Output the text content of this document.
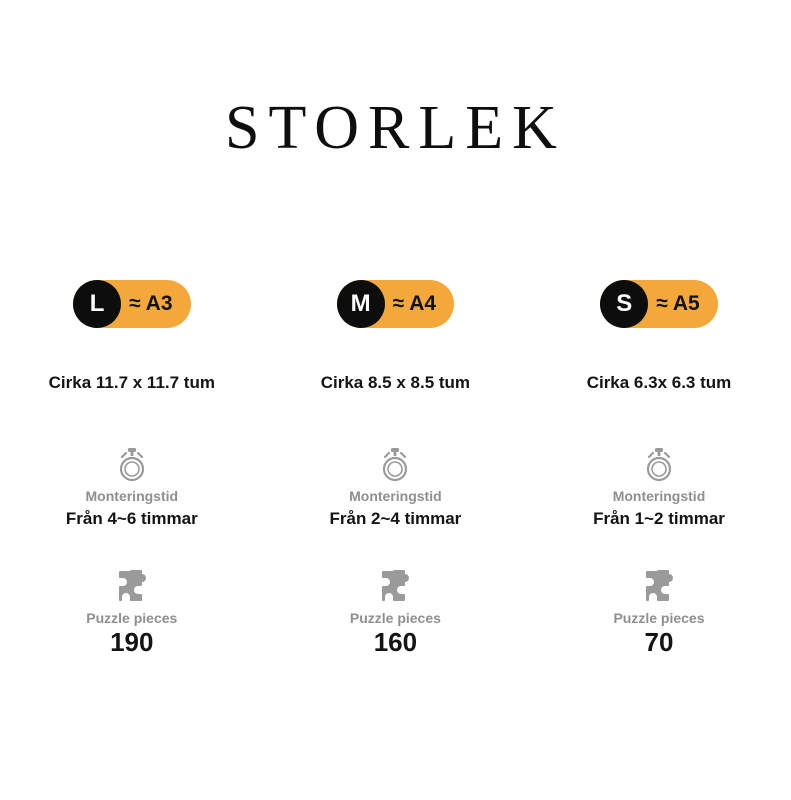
STORLEK
L	≈ A3
Cirka 11.7 x 11.7 tum
Monteringstid
Från 4~6 timmar
Puzzle pieces
190
M	≈ A4
Cirka 8.5 x 8.5 tum
Monteringstid
Från 2~4 timmar
Puzzle pieces
160
S	≈ A5
Cirka 6.3x 6.3 tum
Monteringstid
Från 1~2 timmar
Puzzle pieces
70
